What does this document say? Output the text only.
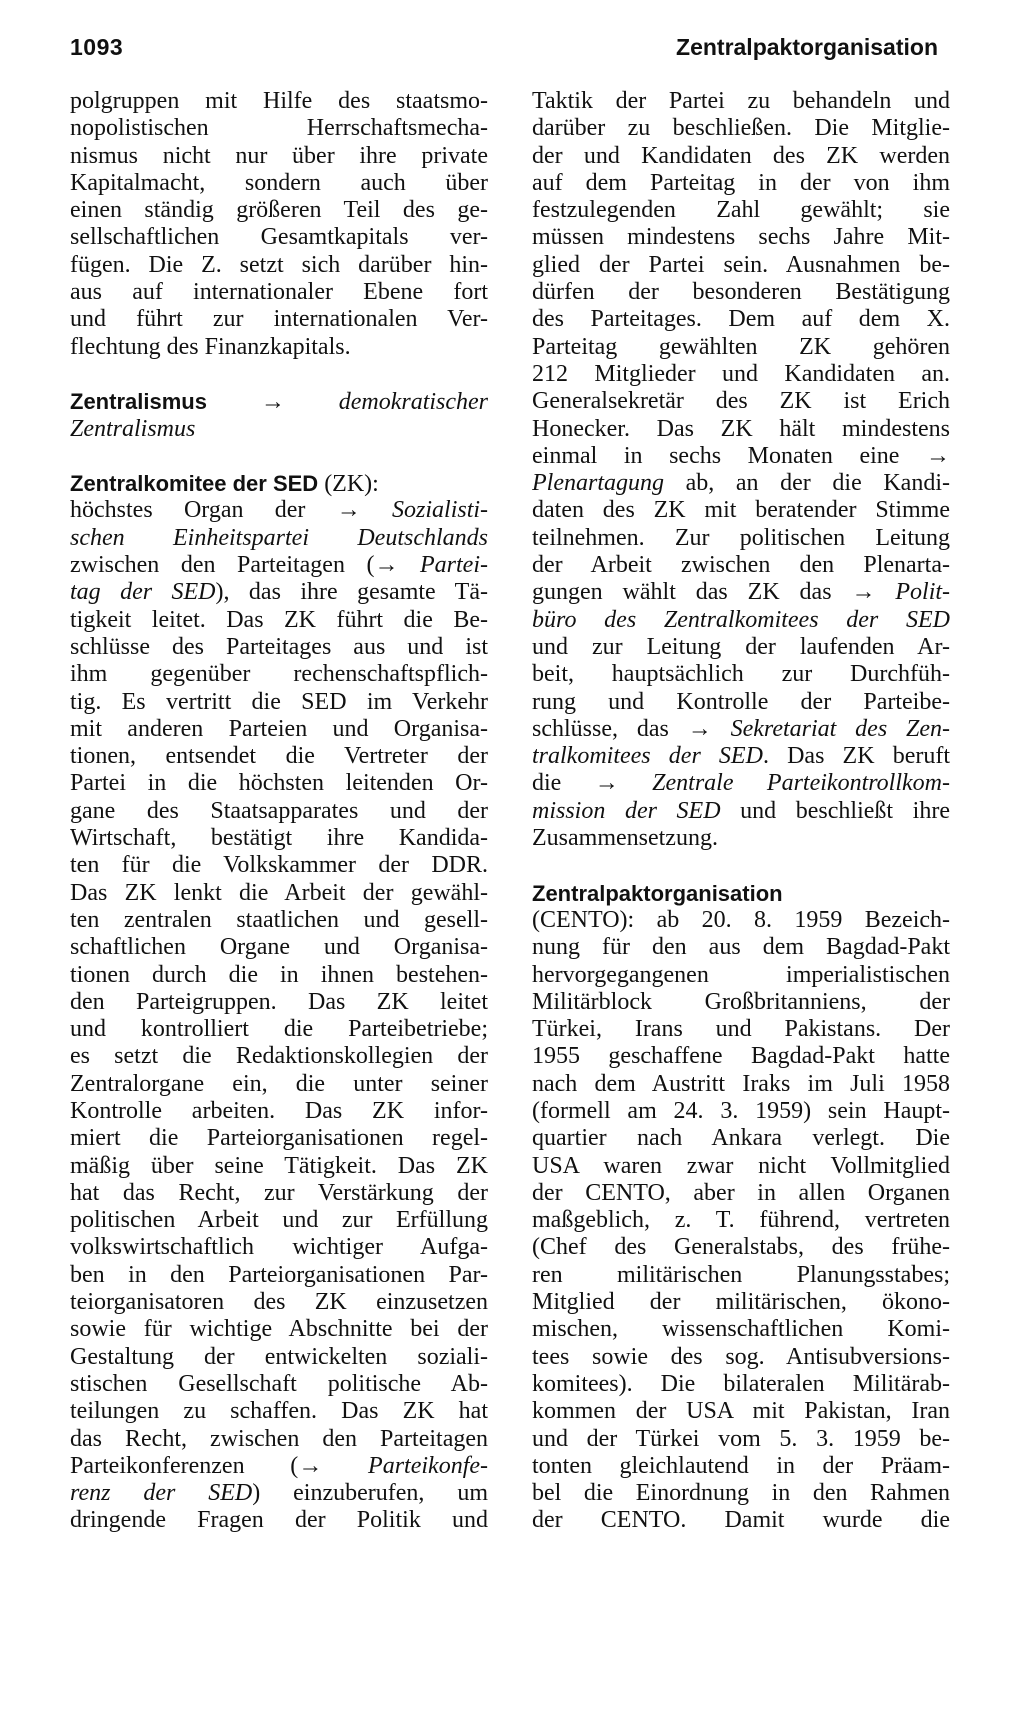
1093	Zentralpaktorganisation
polgruppen mit Hilfe des staatsmo-
nopolistischen Herrschaftsmecha-
nismus nicht nur über ihre private
Kapitalmacht, sondern auch über
einen ständig größeren Teil des ge-
sellschaftlichen Gesamtkapitals ver-
fügen. Die Z. setzt sich darüber hin-
aus auf internationaler Ebene fort
und führt zur internationalen Ver-
flechtung des Finanzkapitals.
Zentralismus → demokratischer
Zentralismus
Zentralkomitee der SED (ZK):
höchstes Organ der → Sozialisti-
schen Einheitspartei Deutschlands
zwischen den Parteitagen (→ Partei-
tag der SED), das ihre gesamte Tä-
tigkeit leitet. Das ZK führt die Be-
schlüsse des Parteitages aus und ist
ihm gegenüber rechenschaftspflich-
tig. Es vertritt die SED im Verkehr
mit anderen Parteien und Organisa-
tionen, entsendet die Vertreter der
Partei in die höchsten leitenden Or-
gane des Staatsapparates und der
Wirtschaft, bestätigt ihre Kandida-
ten für die Volkskammer der DDR.
Das ZK lenkt die Arbeit der gewähl-
ten zentralen staatlichen und gesell-
schaftlichen Organe und Organisa-
tionen durch die in ihnen bestehen-
den Parteigruppen. Das ZK leitet
und kontrolliert die Parteibetriebe;
es setzt die Redaktionskollegien der
Zentralorgane ein, die unter seiner
Kontrolle arbeiten. Das ZK infor-
miert die Parteiorganisationen regel-
mäßig über seine Tätigkeit. Das ZK
hat das Recht, zur Verstärkung der
politischen Arbeit und zur Erfüllung
volkswirtschaftlich wichtiger Aufga-
ben in den Parteiorganisationen Par-
teiorganisatoren des ZK einzusetzen
sowie für wichtige Abschnitte bei der
Gestaltung der entwickelten soziali-
stischen Gesellschaft politische Ab-
teilungen zu schaffen. Das ZK hat
das Recht, zwischen den Parteitagen
Parteikonferenzen (→ Parteikonfe-
renz der SED) einzuberufen, um
dringende Fragen der Politik und
Taktik der Partei zu behandeln und
darüber zu beschließen. Die Mitglie-
der und Kandidaten des ZK werden
auf dem Parteitag in der von ihm
festzulegenden Zahl gewählt; sie
müssen mindestens sechs Jahre Mit-
glied der Partei sein. Ausnahmen be-
dürfen der besonderen Bestätigung
des Parteitages. Dem auf dem X.
Parteitag gewählten ZK gehören
212 Mitglieder und Kandidaten an.
Generalsekretär des ZK ist Erich
Honecker. Das ZK hält mindestens
einmal in sechs Monaten eine →
Plenartagung ab, an der die Kandi-
daten des ZK mit beratender Stimme
teilnehmen. Zur politischen Leitung
der Arbeit zwischen den Plenarta-
gungen wählt das ZK das → Polit-
büro des Zentralkomitees der SED
und zur Leitung der laufenden Ar-
beit, hauptsächlich zur Durchfüh-
rung und Kontrolle der Parteibe-
schlüsse, das → Sekretariat des Zen-
tralkomitees der SED. Das ZK beruft
die → Zentrale Parteikontrollkom-
mission der SED und beschließt ihre
Zusammensetzung.
Zentralpaktorganisation
(CENTO): ab 20. 8. 1959 Bezeich-
nung für den aus dem Bagdad-Pakt
hervorgegangenen imperialistischen
Militärblock Großbritanniens, der
Türkei, Irans und Pakistans. Der
1955 geschaffene Bagdad-Pakt hatte
nach dem Austritt Iraks im Juli 1958
(formell am 24. 3. 1959) sein Haupt-
quartier nach Ankara verlegt. Die
USA waren zwar nicht Vollmitglied
der CENTO, aber in allen Organen
maßgeblich, z. T. führend, vertreten
(Chef des Generalstabs, des frühe-
ren militärischen Planungsstabes;
Mitglied der militärischen, ökono-
mischen, wissenschaftlichen Komi-
tees sowie des sog. Antisubversions-
komitees). Die bilateralen Militärab-
kommen der USA mit Pakistan, Iran
und der Türkei vom 5. 3. 1959 be-
tonten gleichlautend in der Präam-
bel die Einordnung in den Rahmen
der CENTO. Damit wurde die
